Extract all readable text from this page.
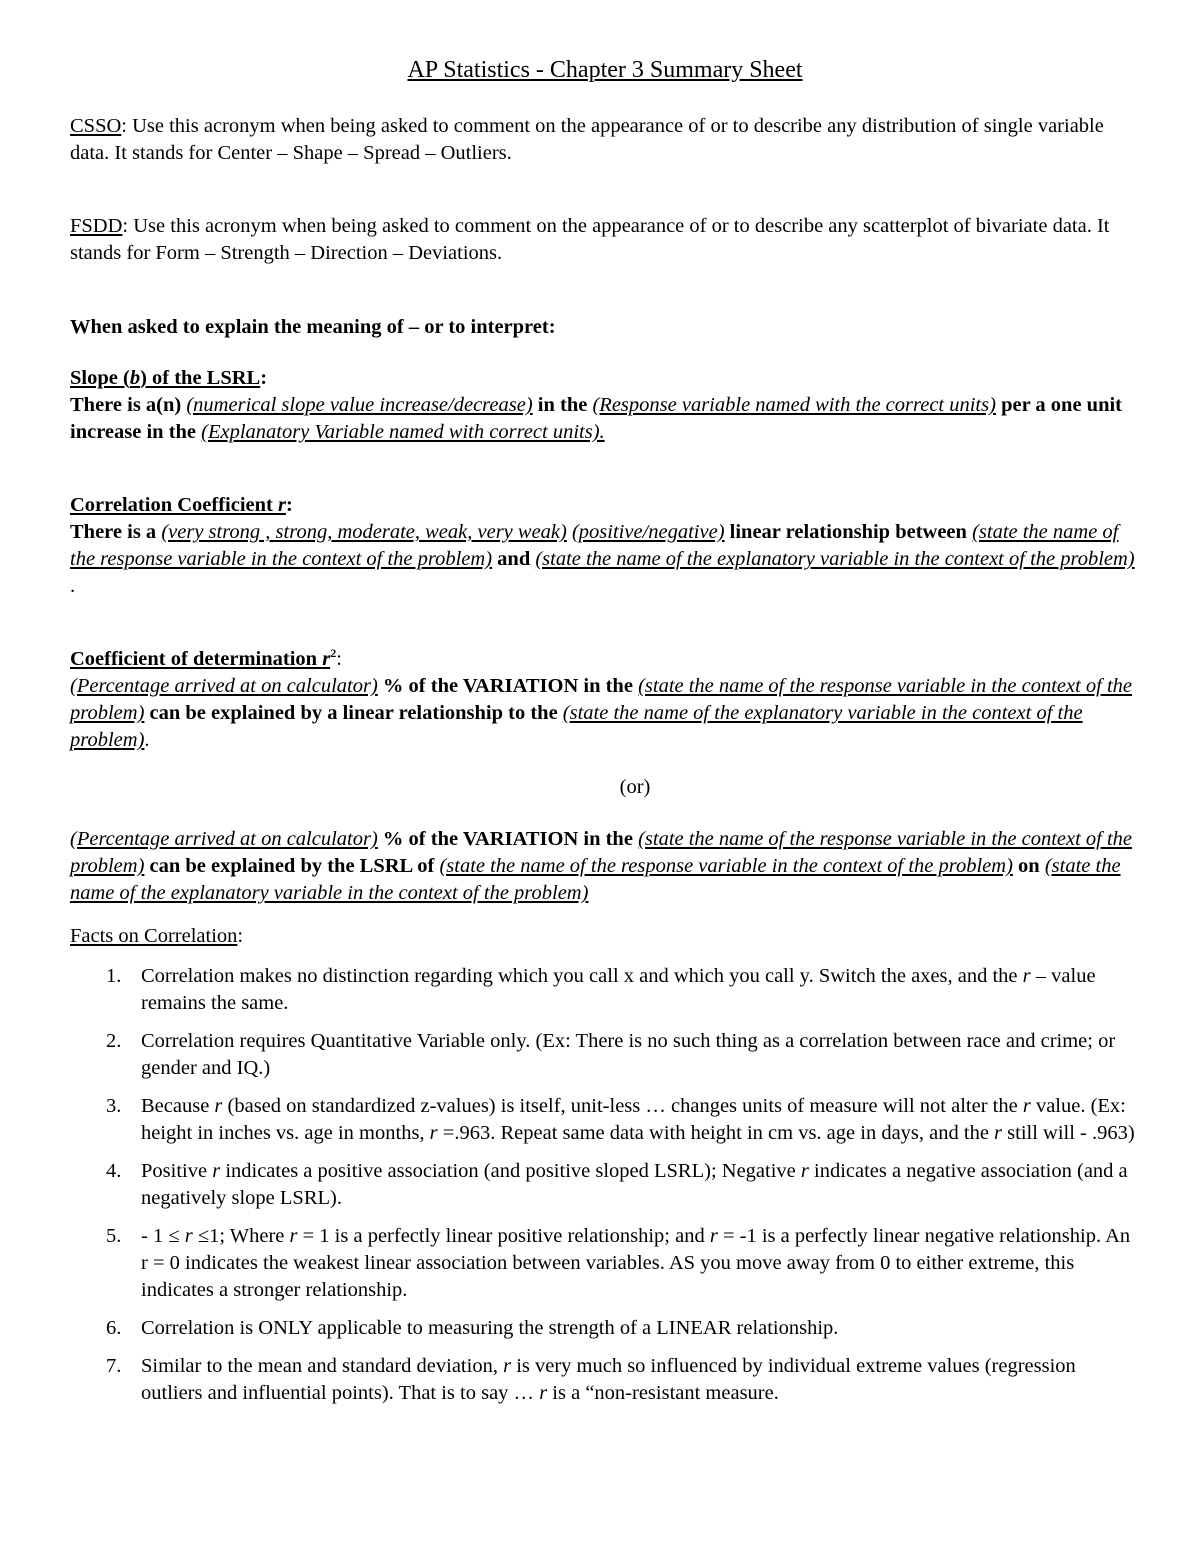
AP Statistics - Chapter 3 Summary Sheet

CSSO: Use this acronym when being asked to comment on the appearance of or to describe any distribution of single variable data. It stands for Center – Shape – Spread – Outliers.

FSDD: Use this acronym when being asked to comment on the appearance of or to describe any scatterplot of bivariate data. It stands for Form – Strength – Direction – Deviations.

When asked to explain the meaning of – or to interpret:

Slope (b) of the LSRL:

There is a(n) (numerical slope value increase/decrease) in the (Response variable named with the correct units) per a one unit increase in the (Explanatory Variable named with correct units).

Correlation Coefficient r:

There is a (very strong , strong, moderate, weak, very weak) (positive/negative) linear relationship between (state the name of the response variable in the context of the problem) and (state the name of the explanatory variable in the context of the problem) .

Coefficient of determination $r^2$:

(Percentage arrived at on calculator) % of the VARIATION in the (state the name of the response variable in the context of the problem) can be explained by a linear relationship to the (state the name of the explanatory variable in the context of the problem).

(or)

(Percentage arrived at on calculator) % of the VARIATION in the (state the name of the response variable in the context of the problem) can be explained by the LSRL of (state the name of the response variable in the context of the problem) on (state the name of the explanatory variable in the context of the problem)

Facts on Correlation:

1. Correlation makes no distinction regarding which you call x and which you call y. Switch the axes, and the r – value remains the same.
2. Correlation requires Quantitative Variable only. (Ex: There is no such thing as a correlation between race and crime; or gender and IQ.)
3. Because r (based on standardized z-values) is itself, unit-less … changes units of measure will not alter the r value. (Ex: height in inches vs. age in months, r =.963. Repeat same data with height in cm vs. age in days, and the r still will - .963)
4. Positive r indicates a positive association (and positive sloped LSRL); Negative r indicates a negative association (and a negatively slope LSRL).
5. - 1 ≤ r ≤1; Where r = 1 is a perfectly linear positive relationship; and r = -1 is a perfectly linear negative relationship. An r = 0 indicates the weakest linear association between variables. AS you move away from 0 to either extreme, this indicates a stronger relationship.
6. Correlation is ONLY applicable to measuring the strength of a LINEAR relationship.
7. Similar to the mean and standard deviation, r is very much so influenced by individual extreme values (regression outliers and influential points). That is to say … r is a “non-resistant measure.
